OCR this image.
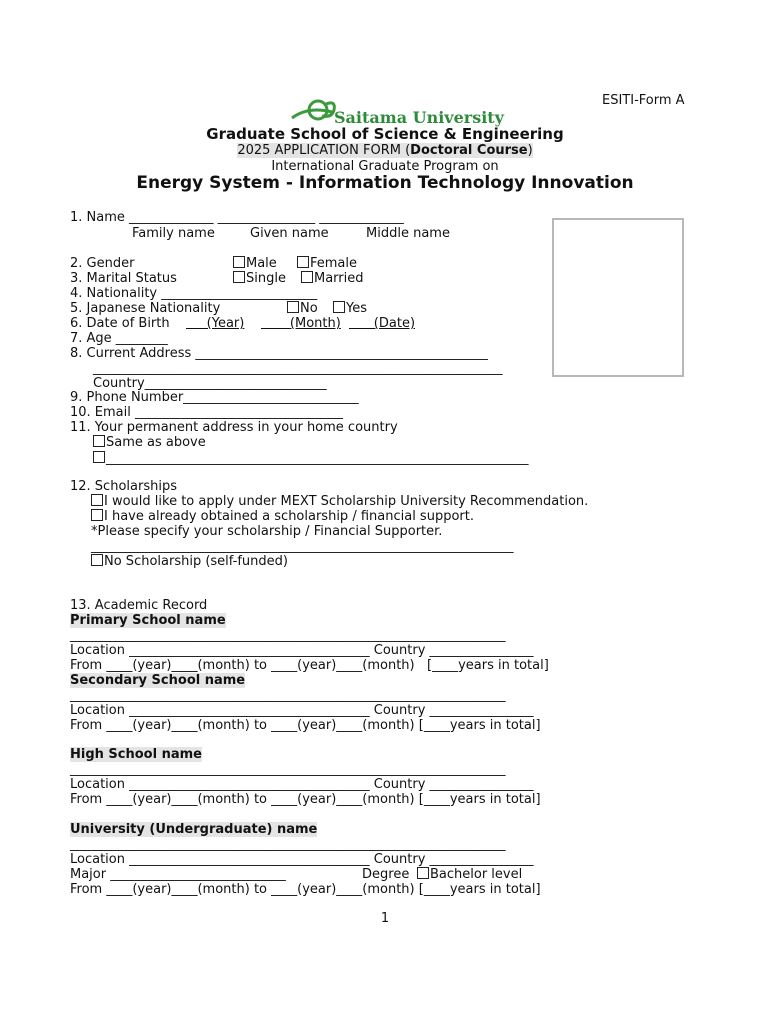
ESITI-Form A
Saitama University
Graduate School of Science & Engineering
2025 APPLICATION FORM (Doctoral Course)
International Graduate Program on
Energy System - Information Technology Innovation
1. Name _____________ _______________ _____________
Family name	Given name	Middle name
2. Gender	Male	Female
3. Marital Status	Single	Married
4. Nationality ________________________
5. Japanese Nationality	No	Yes
6. Date of Birth (Year) (Month) (Date)
7. Age ________
8. Current Address _____________________________________________
_______________________________________________________________
Country____________________________
9. Phone Number___________________________
10. Email ________________________________
11. Your permanent address in your home country
Same as above
_________________________________________________________________
12. Scholarships
I would like to apply under MEXT Scholarship University Recommendation.
I have already obtained a scholarship / financial support.
*Please specify your scholarship / Financial Supporter.
_________________________________________________________________
No Scholarship (self-funded)
13. Academic Record
Primary School name
___________________________________________________________________
Location _____________________________________ Country ________________
From ____(year)____(month) to ____(year)____(month)   [____years in total]
Secondary School name
___________________________________________________________________
Location _____________________________________ Country ________________
From ____(year)____(month) to ____(year)____(month) [____years in total]
High School name
___________________________________________________________________
Location _____________________________________ Country ________________
From ____(year)____(month) to ____(year)____(month) [____years in total]
University (Undergraduate) name
___________________________________________________________________
Location _____________________________________ Country ________________
Major ___________________________	Degree	Bachelor level
From ____(year)____(month) to ____(year)____(month) [____years in total]
1
